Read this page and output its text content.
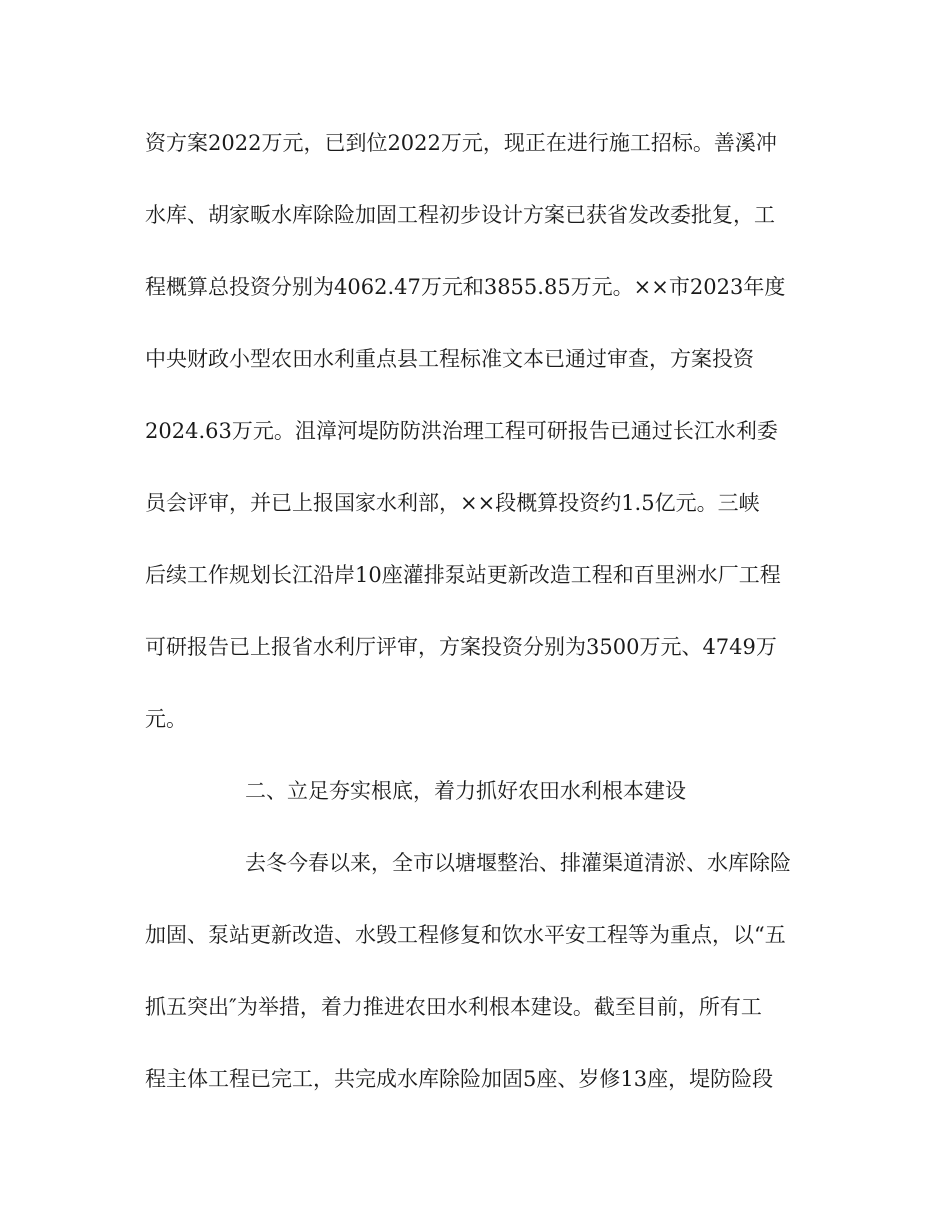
资方案2022万元，已到位2022万元，现正在进行施工招标。善溪冲
水库、胡家畈水库除险加固工程初步设计方案已获省发改委批复，工
程概算总投资分别为4062.47万元和3855.85万元。××市2023年度
中央财政小型农田水利重点县工程标准文本已通过审查，方案投资
2024.63万元。沮漳河堤防防洪治理工程可研报告已通过长江水利委
员会评审，并已上报国家水利部，××段概算投资约1.5亿元。三峡
后续工作规划长江沿岸10座灌排泵站更新改造工程和百里洲水厂工程
可研报告已上报省水利厅评审，方案投资分别为3500万元、4749万
元。
二、立足夯实根底，着力抓好农田水利根本建设
去冬今春以来，全市以塘堰整治、排灌渠道清淤、水库除险
加固、泵站更新改造、水毁工程修复和饮水平安工程等为重点，以“五
抓五突出″为举措，着力推进农田水利根本建设。截至目前，所有工
程主体工程已完工，共完成水库除险加固5座、岁修13座，堤防险段
